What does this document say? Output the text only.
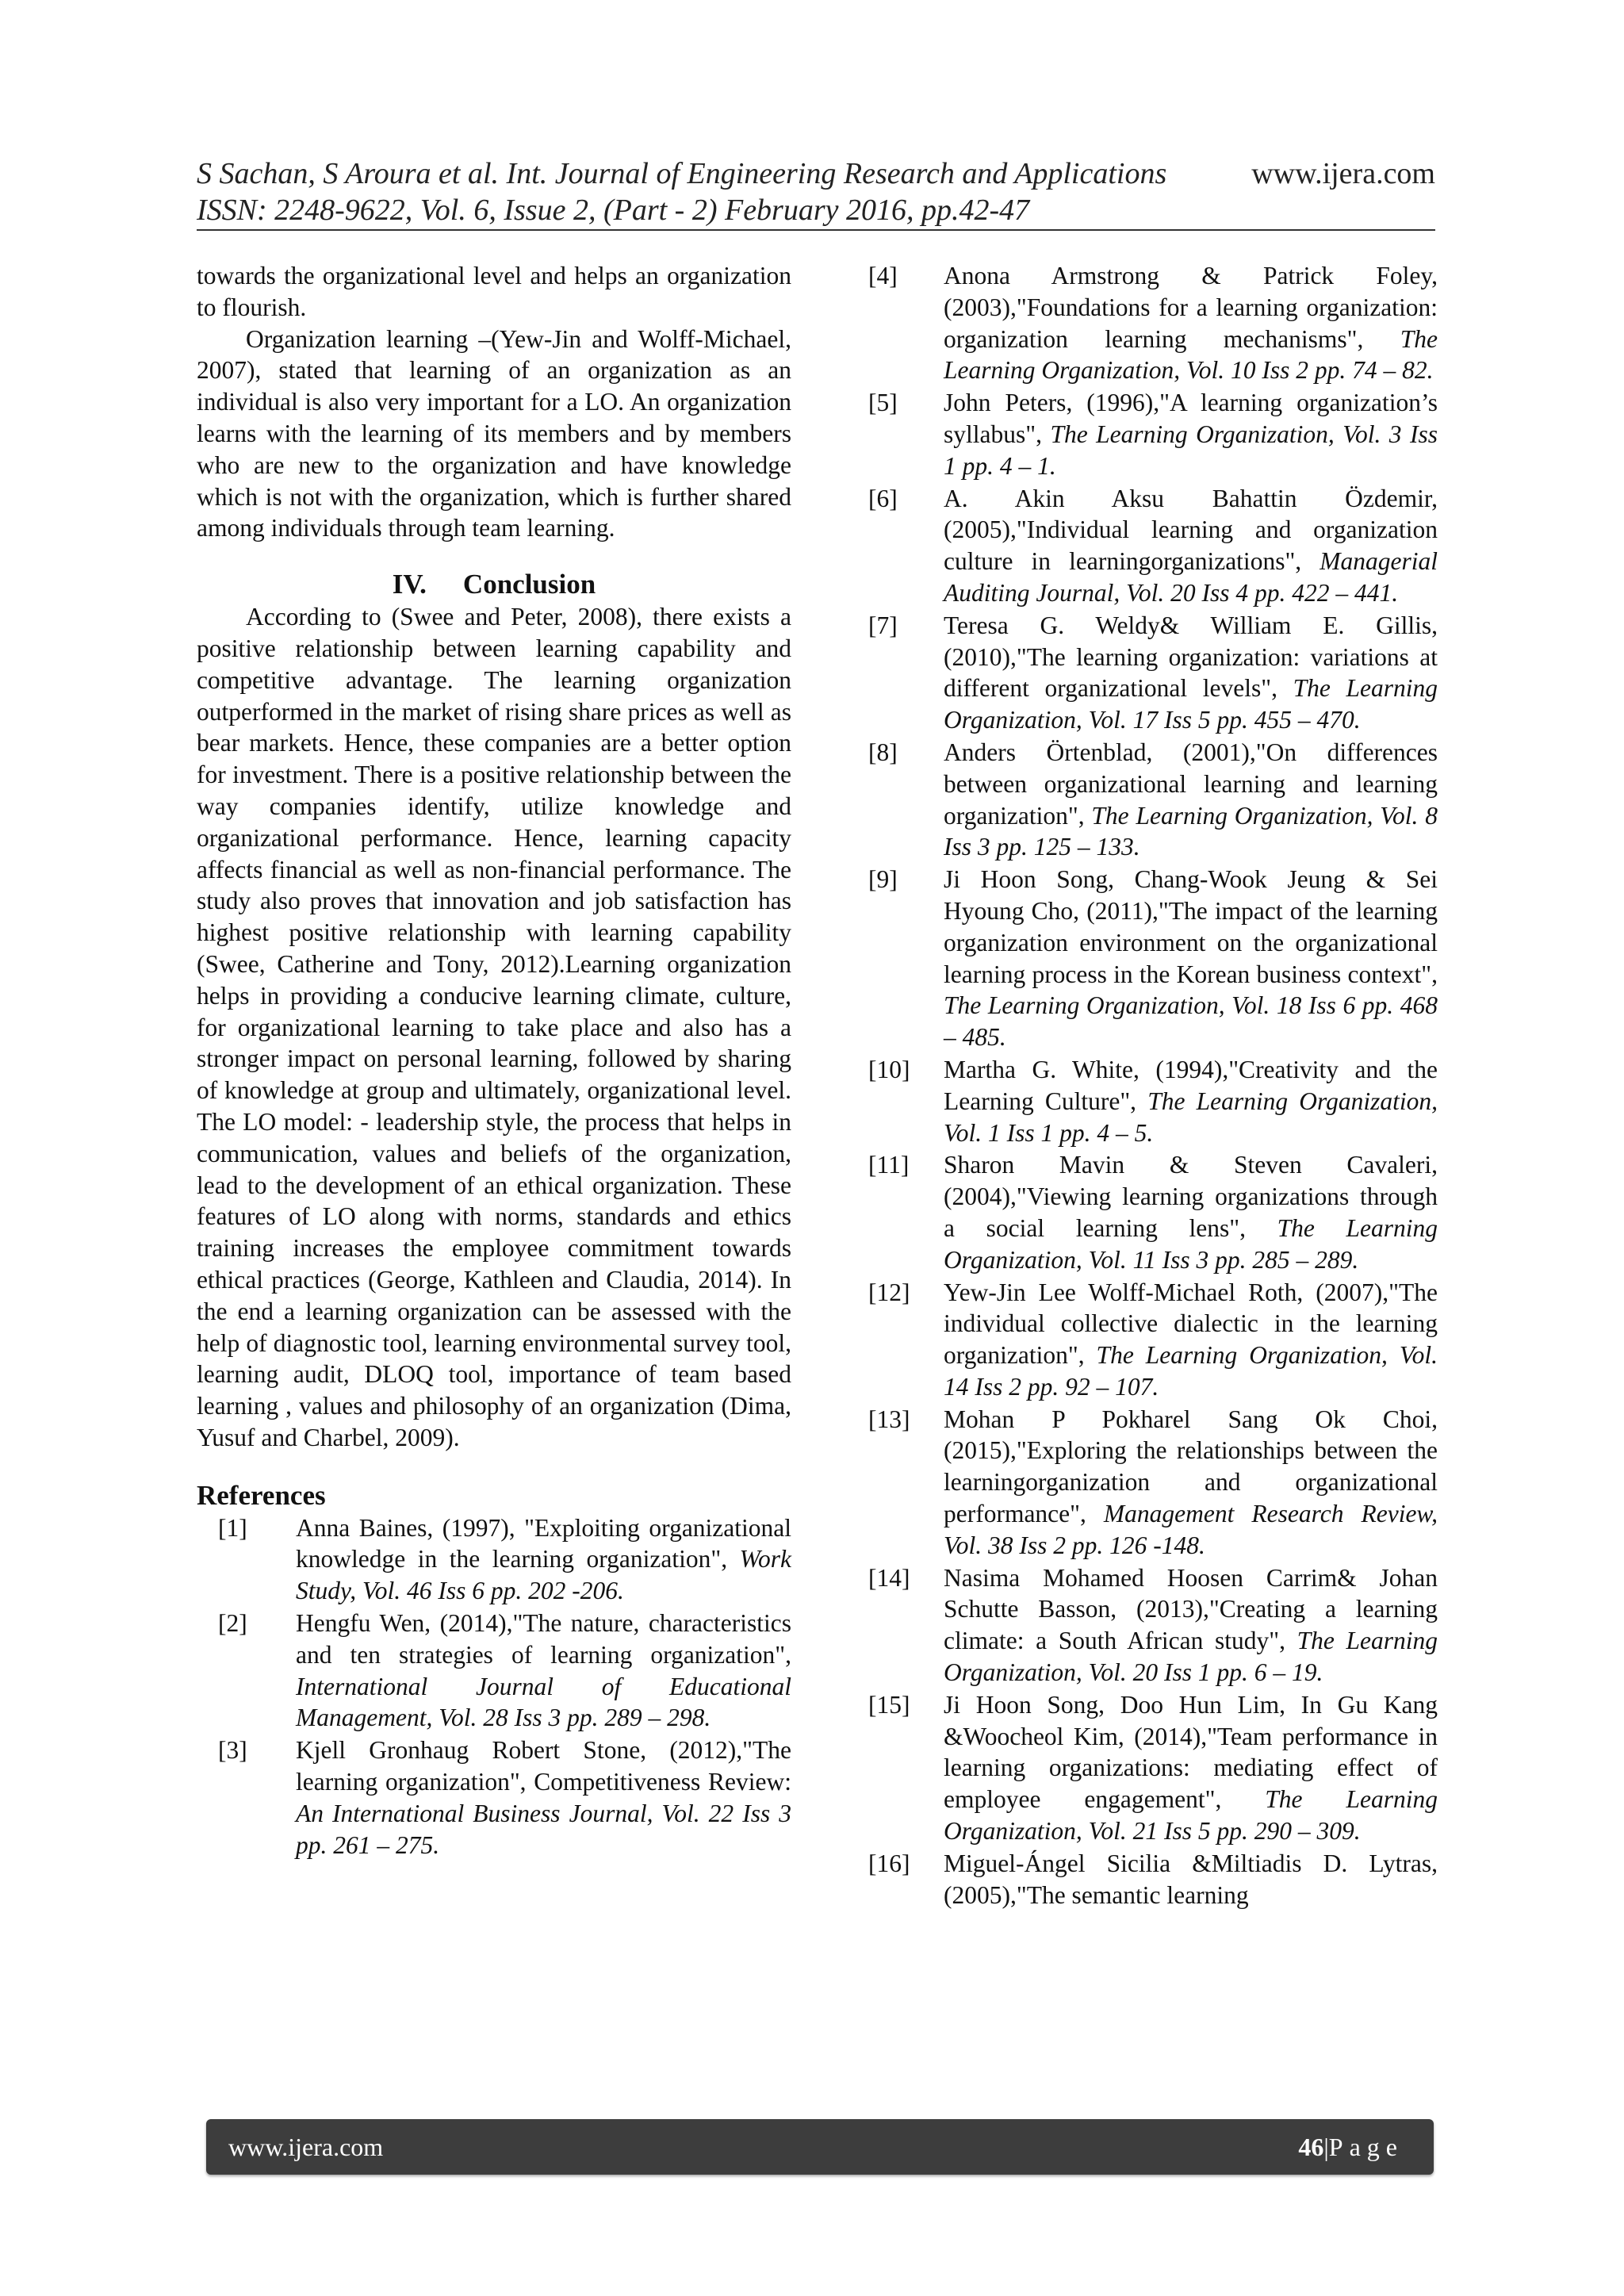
S Sachan, S Aroura et al. Int. Journal of Engineering Research and Applications	www.ijera.com
ISSN: 2248-9622, Vol. 6, Issue 2, (Part - 2) February 2016, pp.42-47

towards the organizational level and helps an organization to flourish.

Organization learning –(Yew-Jin and Wolff-Michael, 2007), stated that learning of an organization as an individual is also very important for a LO. An organization learns with the learning of its members and by members who are new to the organization and have knowledge which is not with the organization, which is further shared among individuals through team learning.

IV. Conclusion

According to (Swee and Peter, 2008), there exists a positive relationship between learning capability and competitive advantage. The learning organization outperformed in the market of rising share prices as well as bear markets. Hence, these companies are a better option for investment. There is a positive relationship between the way companies identify, utilize knowledge and organizational performance. Hence, learning capacity affects financial as well as non-financial performance. The study also proves that innovation and job satisfaction has highest positive relationship with learning capability (Swee, Catherine and Tony, 2012).Learning organization helps in providing a conducive learning climate, culture, for organizational learning to take place and also has a stronger impact on personal learning, followed by sharing of knowledge at group and ultimately, organizational level. The LO model: - leadership style, the process that helps in communication, values and beliefs of the organization, lead to the development of an ethical organization. These features of LO along with norms, standards and ethics training increases the employee commitment towards ethical practices (George, Kathleen and Claudia, 2014). In the end a learning organization can be assessed with the help of diagnostic tool, learning environmental survey tool, learning audit, DLOQ tool, importance of team based learning , values and philosophy of an organization (Dima, Yusuf and Charbel, 2009).

References
[1]	Anna Baines, (1997), "Exploiting organizational knowledge in the learning organization", Work Study, Vol. 46 Iss 6 pp. 202 -206.
[2]	Hengfu Wen, (2014),"The nature, characteristics and ten strategies of learning organization", International Journal of Educational Management, Vol. 28 Iss 3 pp. 289 – 298.
[3]	Kjell Gronhaug Robert Stone, (2012),"The learning organization", Competitiveness Review: An International Business Journal, Vol. 22 Iss 3 pp. 261 – 275.
[4]	Anona Armstrong & Patrick Foley, (2003),"Foundations for a learning organization: organization learning mechanisms", The Learning Organization, Vol. 10 Iss 2 pp. 74 – 82.
[5]	John Peters, (1996),"A learning organization’s syllabus", The Learning Organization, Vol. 3 Iss 1 pp. 4 – 1.
[6]	A. Akin Aksu Bahattin Özdemir, (2005),"Individual learning and organization culture in learningorganizations", Managerial Auditing Journal, Vol. 20 Iss 4 pp. 422 – 441.
[7]	Teresa G. Weldy& William E. Gillis, (2010),"The learning organization: variations at different organizational levels", The Learning Organization, Vol. 17 Iss 5 pp. 455 – 470.
[8]	Anders Örtenblad, (2001),"On differences between organizational learning and learning organization", The Learning Organization, Vol. 8 Iss 3 pp. 125 – 133.
[9]	Ji Hoon Song, Chang-Wook Jeung & Sei Hyoung Cho, (2011),"The impact of the learning organization environment on the organizational learning process in the Korean business context", The Learning Organization, Vol. 18 Iss 6 pp. 468 – 485.
[10]	Martha G. White, (1994),"Creativity and the Learning Culture", The Learning Organization, Vol. 1 Iss 1 pp. 4 – 5.
[11]	Sharon Mavin & Steven Cavaleri, (2004),"Viewing learning organizations through a social learning lens", The Learning Organization, Vol. 11 Iss 3 pp. 285 – 289.
[12]	Yew-Jin Lee Wolff-Michael Roth, (2007),"The individual collective dialectic in the learning organization", The Learning Organization, Vol. 14 Iss 2 pp. 92 – 107.
[13]	Mohan P Pokharel Sang Ok Choi, (2015),"Exploring the relationships between the learningorganization and organizational performance", Management Research Review, Vol. 38 Iss 2 pp. 126 -148.
[14]	Nasima Mohamed Hoosen Carrim& Johan Schutte Basson, (2013),"Creating a learning climate: a South African study", The Learning Organization, Vol. 20 Iss 1 pp. 6 – 19.
[15]	Ji Hoon Song, Doo Hun Lim, In Gu Kang &Woocheol Kim, (2014),"Team performance in learning organizations: mediating effect of employee engagement", The Learning Organization, Vol. 21 Iss 5 pp. 290 – 309.
[16]	Miguel-Ángel Sicilia &Miltiadis D. Lytras, (2005),"The semantic learning
www.ijera.com	46|Page
